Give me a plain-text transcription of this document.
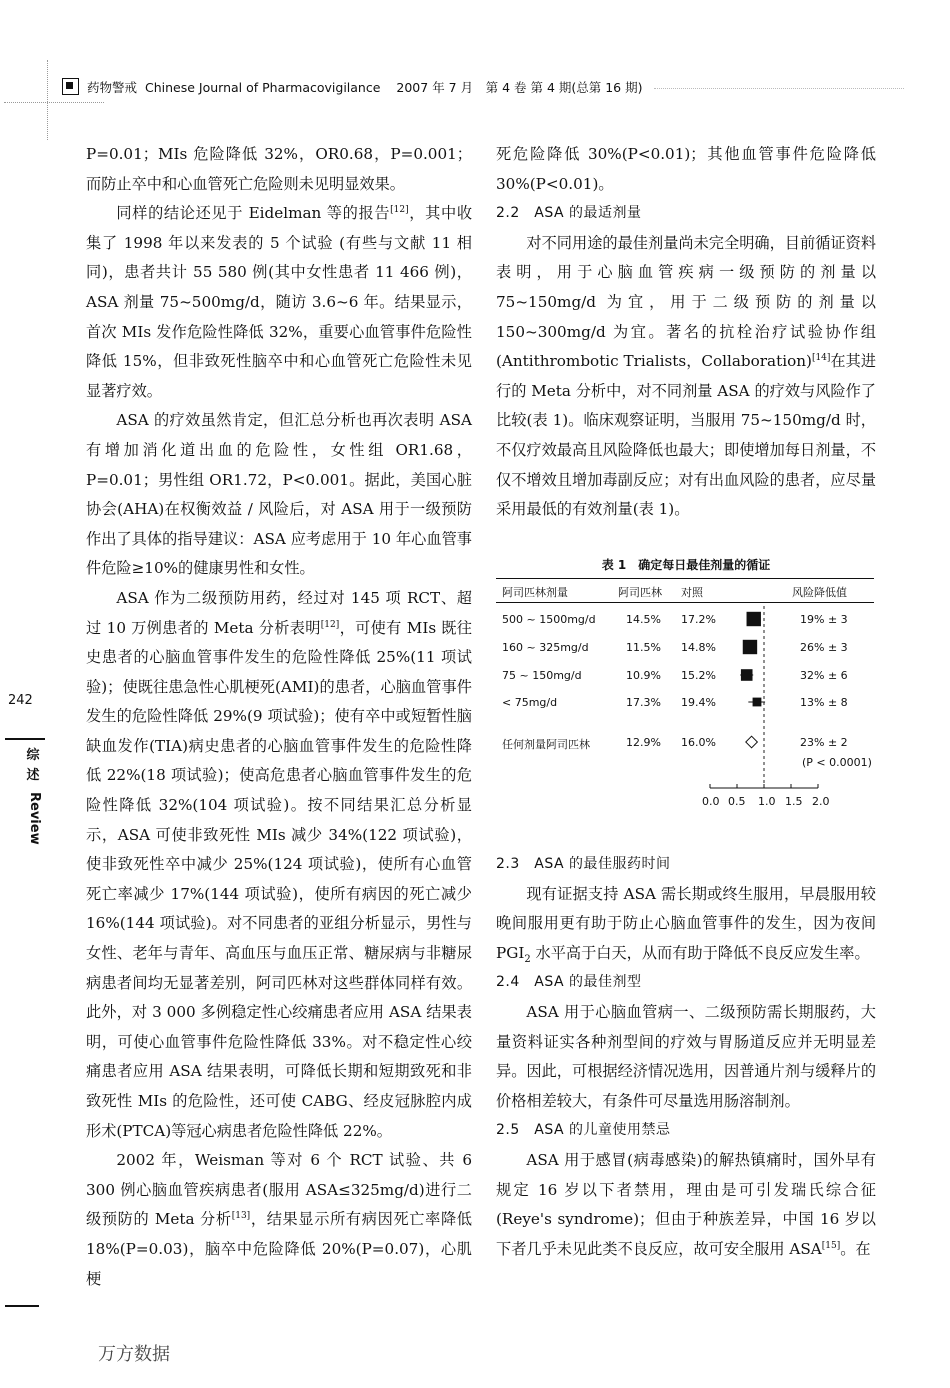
药物警戒 Chinese Journal of Pharmacovigilance 2007 年 7 月　第 4 卷 第 4 期(总第 16 期)

P=0.01；MIs 危险降低 32%，OR0.68，P=0.001；而防止卒中和心血管死亡危险则未见明显效果。

同样的结论还见于 Eidelman 等的报告[12]，其中收集了 1998 年以来发表的 5 个试验 (有些与文献 11 相同)，患者共计 55 580 例(其中女性患者 11 466 例)，ASA 剂量 75~500mg/d，随访 3.6~6 年。结果显示，首次 MIs 发作危险性降低 32%，重要心血管事件危险性降低 15%，但非致死性脑卒中和心血管死亡危险性未见显著疗效。

ASA 的疗效虽然肯定，但汇总分析也再次表明 ASA 有增加消化道出血的危险性，女性组 OR1.68，P=0.01；男性组 OR1.72，P<0.001。据此，美国心脏协会(AHA)在权衡效益 / 风险后，对 ASA 用于一级预防作出了具体的指导建议：ASA 应考虑用于 10 年心血管事件危险≥10%的健康男性和女性。

ASA 作为二级预防用药，经过对 145 项 RCT、超过 10 万例患者的 Meta 分析表明[12]，可使有 MIs 既往史患者的心脑血管事件发生的危险性降低 25%(11 项试验)；使既往患急性心肌梗死(AMI)的患者，心脑血管事件发生的危险性降低 29%(9 项试验)；使有卒中或短暂性脑缺血发作(TIA)病史患者的心脑血管事件发生的危险性降低 22%(18 项试验)；使高危患者心脑血管事件发生的危险性降低 32%(104 项试验)。按不同结果汇总分析显示，ASA 可使非致死性 MIs 减少 34%(122 项试验)，使非致死性卒中减少 25%(124 项试验)，使所有心血管死亡率减少 17%(144 项试验)，使所有病因的死亡减少 16%(144 项试验)。对不同患者的亚组分析显示，男性与女性、老年与青年、高血压与血压正常、糖尿病与非糖尿病患者间均无显著差别，阿司匹林对这些群体同样有效。此外，对 3 000 多例稳定性心绞痛患者应用 ASA 结果表明，可使心血管事件危险性降低 33%。对不稳定性心绞痛患者应用 ASA 结果表明，可降低长期和短期致死和非致死性 MIs 的危险性，还可使 CABG、经皮冠脉腔内成形术(PTCA)等冠心病患者危险性降低 22%。

2002 年，Weisman 等对 6 个 RCT 试验、共 6 300 例心脑血管疾病患者(服用 ASA≤325mg/d)进行二级预防的 Meta 分析[13]，结果显示所有病因死亡率降低 18%(P=0.03)，脑卒中危险降低 20%(P=0.07)，心肌梗

死危险降低 30%(P<0.01)；其他血管事件危险降低 30%(P<0.01)。

2.2　ASA 的最适剂量

对不同用途的最佳剂量尚未完全明确，目前循证资料表明，用于心脑血管疾病一级预防的剂量以 75~150mg/d 为宜，用于二级预防的剂量以 150~300mg/d 为宜。著名的抗栓治疗试验协作组(Antithrombotic Trialists，Collaboration)[14]在其进行的 Meta 分析中，对不同剂量 ASA 的疗效与风险作了比较(表 1)。临床观察证明，当服用 75~150mg/d 时，不仅疗效最高且风险降低也最大；即使增加每日剂量，不仅不增效且增加毒副反应；对有出血风险的患者，应尽量采用最低的有效剂量(表 1)。

表 1　确定每日最佳剂量的循证
阿司匹林剂量	阿司匹林 对照	风险降低值
500 ~ 1500mg/d	14.5% 17.2%	19% ± 3
160 ~ 325mg/d	11.5% 14.8%	26% ± 3
75 ~ 150mg/d	10.9% 15.2%	32% ± 6
< 75mg/d	17.3% 19.4%	13% ± 8
任何剂量阿司匹林	12.9% 16.0%	23% ± 2
(P < 0.0001)
0.0 0.5 1.0 1.5 2.0

2.3　ASA 的最佳服药时间

现有证据支持 ASA 需长期或终生服用，早晨服用较晚间服用更有助于防止心脑血管事件的发生，因为夜间 $PGI_2$ 水平高于白天，从而有助于降低不良反应发生率。

2.4　ASA 的最佳剂型

ASA 用于心脑血管病一、二级预防需长期服药，大量资料证实各种剂型间的疗效与胃肠道反应并无明显差异。因此，可根据经济情况选用，因普通片剂与缓释片的价格相差较大，有条件可尽量选用肠溶制剂。

2.5　ASA 的儿童使用禁忌

ASA 用于感冒(病毒感染)的解热镇痛时，国外早有规定 16 岁以下者禁用，理由是可引发瑞氏综合征(Reye's syndrome)；但由于种族差异，中国 16 岁以下者几乎未见此类不良反应，故可安全服用 ASA[15]。在

242
综述
Review
万方数据
